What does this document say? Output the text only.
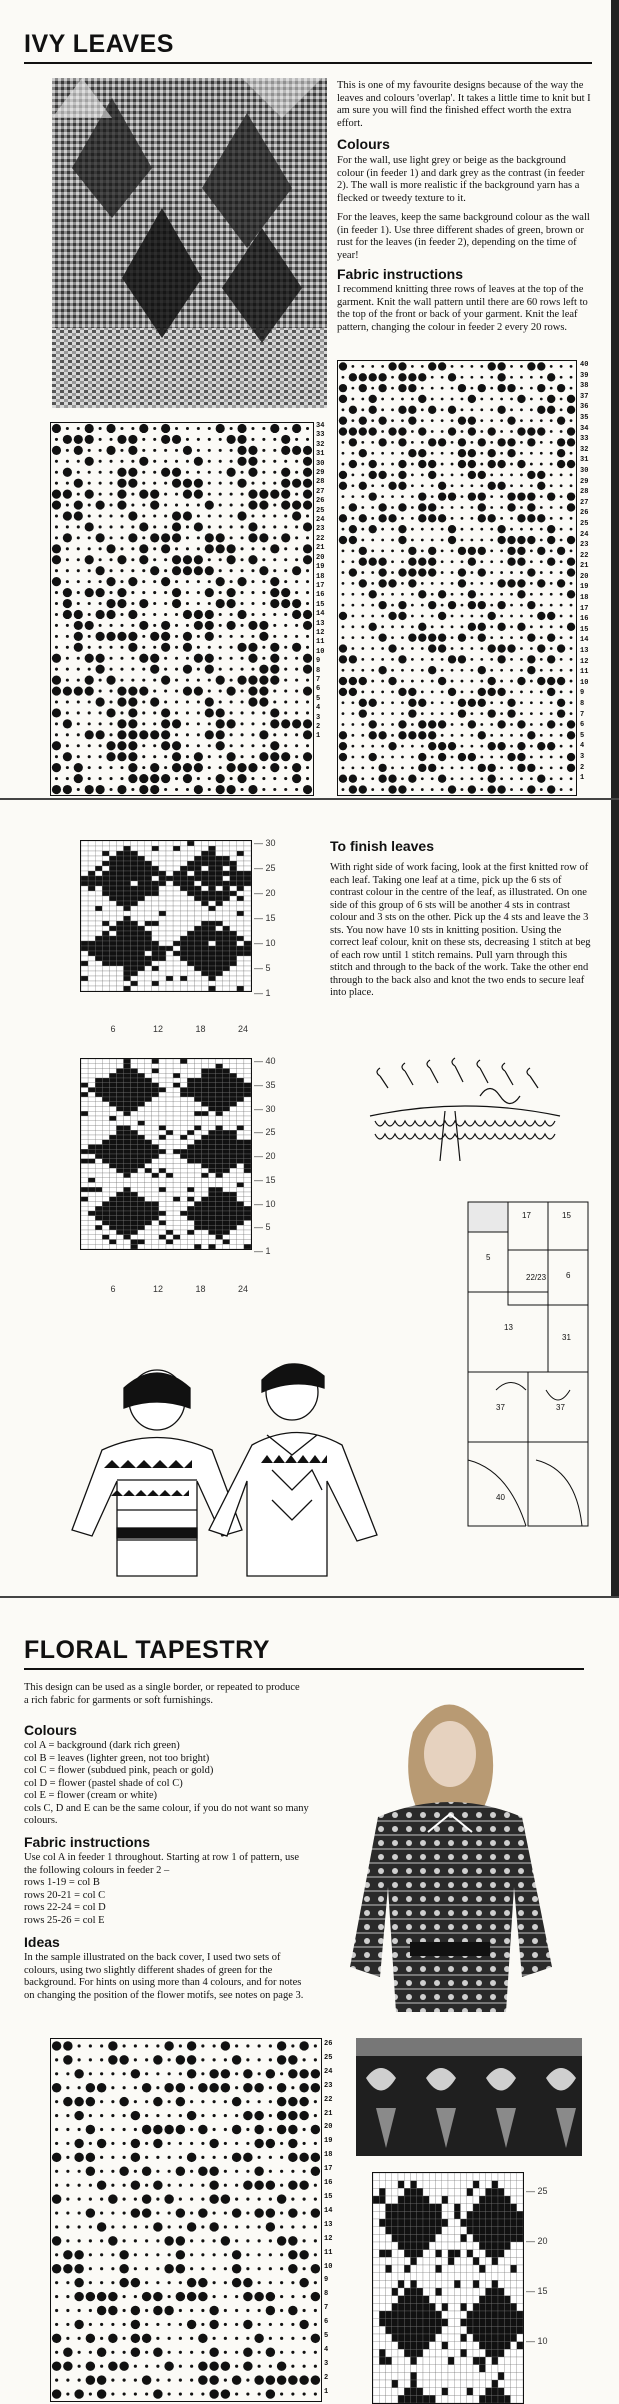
IVY LEAVES
This is one of my favourite designs because of the way the leaves and colours 'overlap'. It takes a little time to knit but I am sure you will find the finished effect worth the extra effort.
Colours
For the wall, use light grey or beige as the background colour (in feeder 1) and dark grey as the contrast (in feeder 2). The wall is more realistic if the background yarn has a flecked or tweedy texture to it.
For the leaves, keep the same background colour as the wall (in feeder 1). Use three different shades of green, brown or rust for the leaves (in feeder 2), depending on the time of year!
Fabric instructions
I recommend knitting three rows of leaves at the top of the garment. Knit the wall pattern until there are 60 rows left to the top of the front or back of your garment. Knit the leaf pattern, changing the colour in feeder 2 every 20 rows.
34
33
32
31
30
29
28
27
26
25
24
23
22
21
20
19
18
17
16
15
14
13
12
11
10
9
8
7
6
5
4
3
2
1
40
39
38
37
36
35
34
33
32
31
30
29
28
27
26
25
24
23
22
21
20
19
18
17
16
15
14
13
12
11
10
9
8
7
6
5
4
3
2
1
— 30
— 25
— 20
— 15
— 10
— 5
— 1
6	12	18	24
— 40
— 35
— 30
— 25
— 20
— 15
— 10
— 5
— 1
6	12	18	24
To finish leaves
With right side of work facing, look at the first knitted row of each leaf. Taking one leaf at a time, pick up the 6 sts of contrast colour in the centre of the leaf, as illustrated. On one side of this group of 6 sts will be another 4 sts in contrast colour and 3 sts on the other. Pick up the 4 sts and leave the 3 sts. You now have 10 sts in knitting position. Using the correct leaf colour, knit on these sts, decreasing 1 stitch at beg of each row until 1 stitch remains. Pull yarn through this stitch and through to the back of the work. Take the other end through to the back also and knot the two ends to secure leaf into place.
17	15
5
22/23 6
13
31
37	37
40
FLORAL TAPESTRY
This design can be used as a single border, or repeated to produce a rich fabric for garments or soft furnishings.
Colours
col A = background (dark rich green)
col B = leaves (lighter green, not too bright)
col C = flower (subdued pink, peach or gold)
col D = flower (pastel shade of col C)
col E = flower (cream or white)
cols C, D and E can be the same colour, if you do not want so many colours.
Fabric instructions
Use col A in feeder 1 throughout. Starting at row 1 of pattern, use the following colours in feeder 2 –
rows 1-19 = col B
rows 20-21 = col C
rows 22-24 = col D
rows 25-26 = col E
Ideas
In the sample illustrated on the back cover, I used two sets of colours, using two slightly different shades of green for the background. For hints on using more than 4 colours, and for notes on changing the position of the flower motifs, see notes on page 3.
26
25
24
23
22
21
20
19
18
17
16
15
14
13
12
11
10
9
8
7
6
5
4
3
2
1
— 25
— 20
— 15
— 10
